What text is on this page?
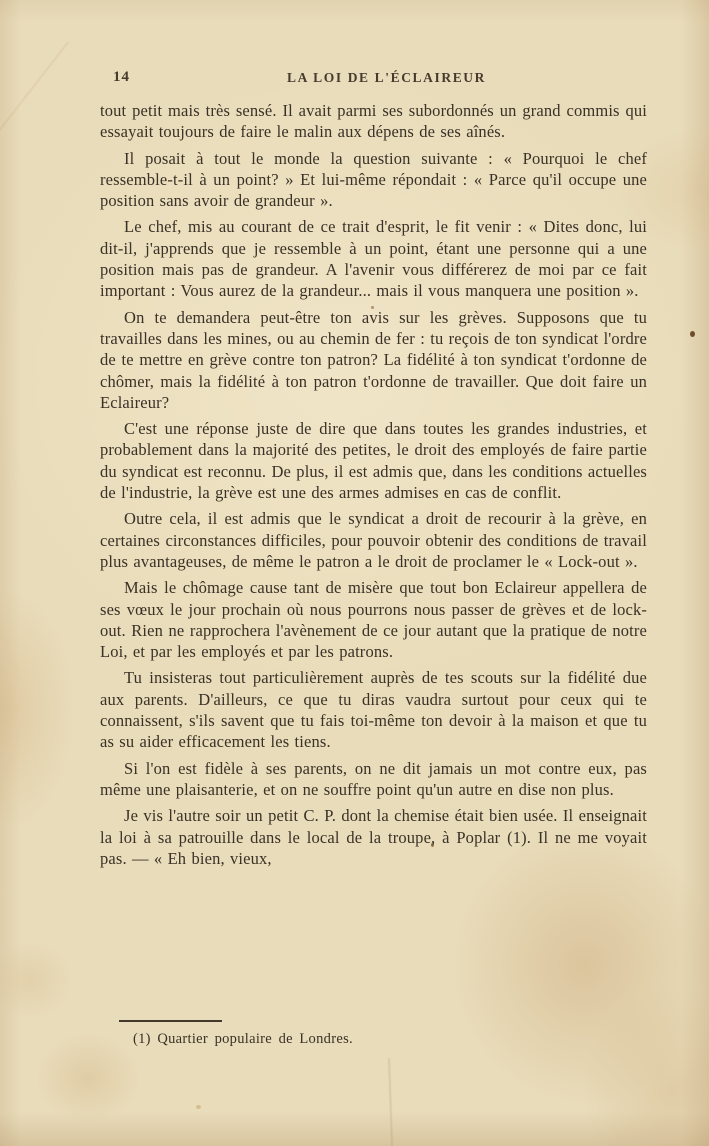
14	LA LOI DE L'ÉCLAIREUR

tout petit mais très sensé. Il avait parmi ses subordonnés un grand commis qui essayait toujours de faire le malin aux dépens de ses aînés.

Il posait à tout le monde la question suivante : « Pourquoi le chef ressemble-t-il à un point? » Et lui-même répondait : « Parce qu'il occupe une position sans avoir de grandeur ».

Le chef, mis au courant de ce trait d'esprit, le fit venir : « Dites donc, lui dit-il, j'apprends que je ressemble à un point, étant une personne qui a une position mais pas de grandeur. A l'avenir vous différerez de moi par ce fait important : Vous aurez de la grandeur... mais il vous manquera une position ».

On te demandera peut-être ton avis sur les grèves. Supposons que tu travailles dans les mines, ou au chemin de fer : tu reçois de ton syndicat l'ordre de te mettre en grève contre ton patron? La fidélité à ton syndicat t'ordonne de chômer, mais la fidélité à ton patron t'ordonne de travailler. Que doit faire un Eclaireur?

C'est une réponse juste de dire que dans toutes les grandes industries, et probablement dans la majorité des petites, le droit des employés de faire partie du syndicat est reconnu. De plus, il est admis que, dans les conditions actuelles de l'industrie, la grève est une des armes admises en cas de conflit.

Outre cela, il est admis que le syndicat a droit de recourir à la grève, en certaines circonstances difficiles, pour pouvoir obtenir des conditions de travail plus avantageuses, de même le patron a le droit de proclamer le « Lock-out ».

Mais le chômage cause tant de misère que tout bon Eclaireur appellera de ses vœux le jour prochain où nous pourrons nous passer de grèves et de lock-out. Rien ne rapprochera l'avènement de ce jour autant que la pratique de notre Loi, et par les employés et par les patrons.

Tu insisteras tout particulièrement auprès de tes scouts sur la fidélité due aux parents. D'ailleurs, ce que tu diras vaudra surtout pour ceux qui te connaissent, s'ils savent que tu fais toi-même ton devoir à la maison et que tu as su aider efficacement les tiens.

Si l'on est fidèle à ses parents, on ne dit jamais un mot contre eux, pas même une plaisanterie, et on ne souffre point qu'un autre en dise non plus.

Je vis l'autre soir un petit C. P. dont la chemise était bien usée. Il enseignait la loi à sa patrouille dans le local de la troupe, à Poplar (1). Il ne me voyait pas. — « Eh bien, vieux,

(1) Quartier populaire de Londres.
